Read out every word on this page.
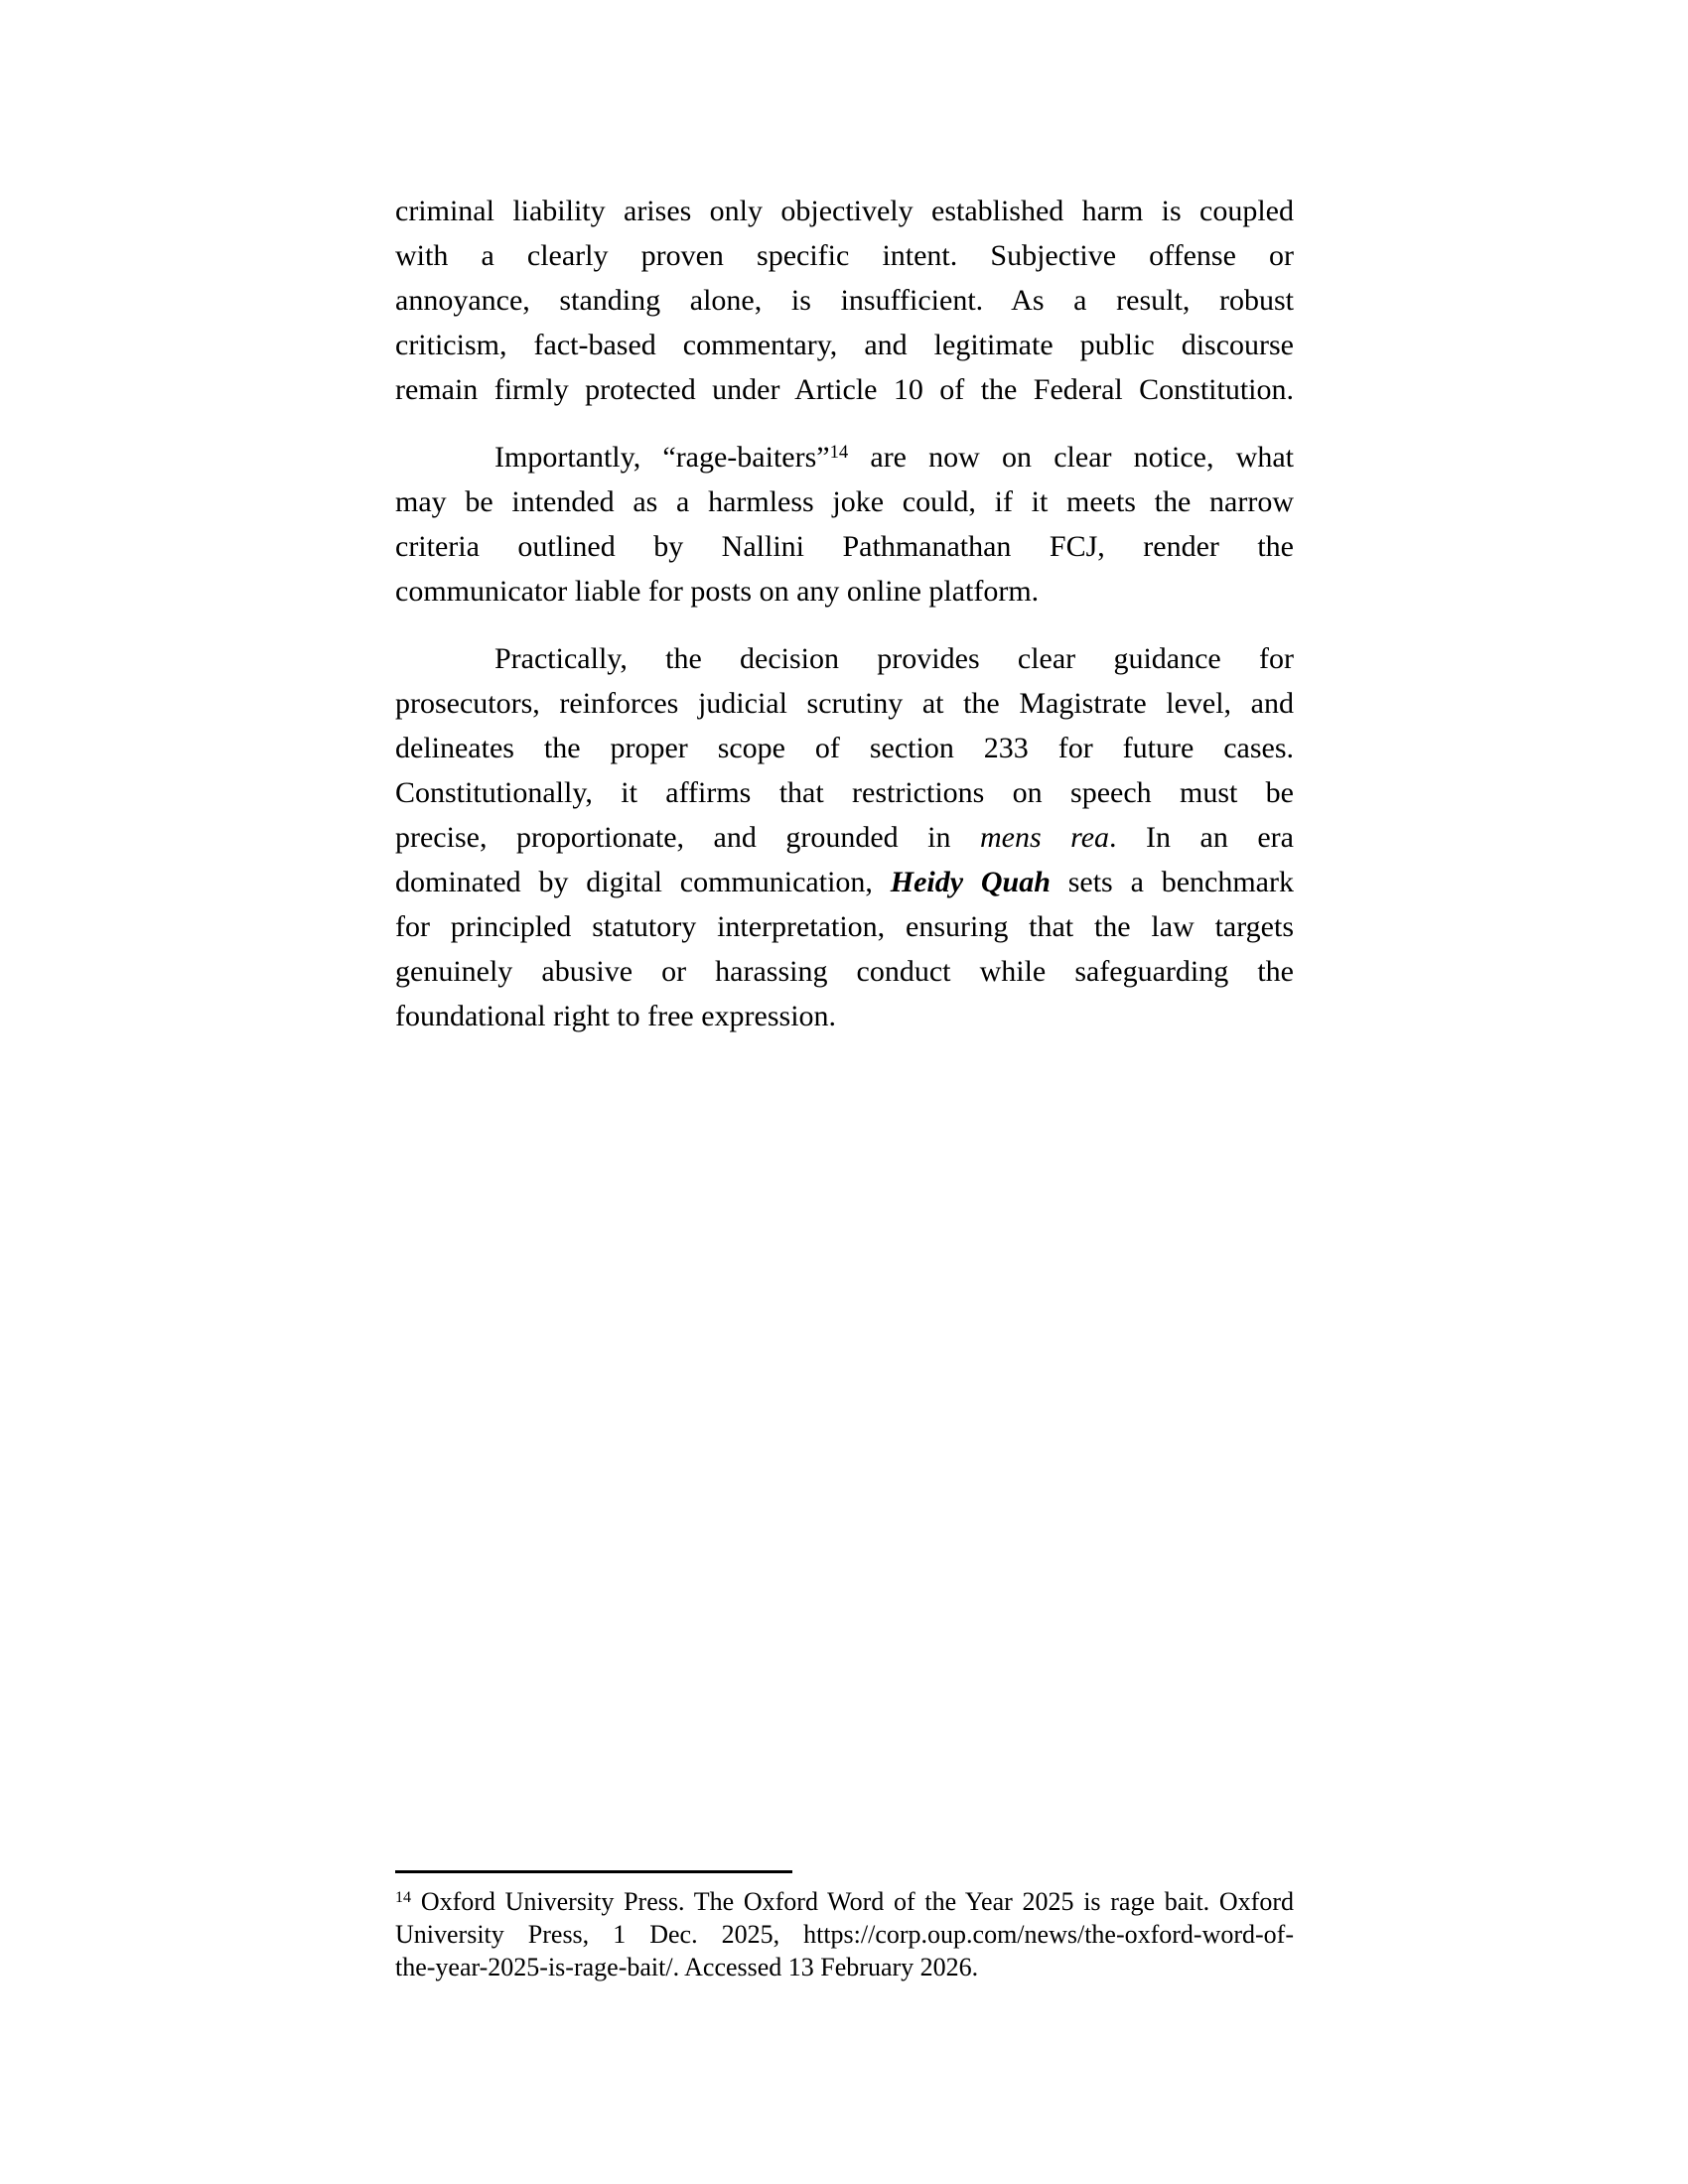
criminal liability arises only objectively established harm is coupled
with a clearly proven specific intent. Subjective offense or
annoyance, standing alone, is insufficient. As a result, robust
criticism, fact-based commentary, and legitimate public discourse
remain firmly protected under Article 10 of the Federal Constitution.
Importantly, “rage-baiters”$^{14}$ are now on clear notice, what
may be intended as a harmless joke could, if it meets the narrow
criteria outlined by Nallini Pathmanathan FCJ, render the
communicator liable for posts on any online platform.
Practically, the decision provides clear guidance for
prosecutors, reinforces judicial scrutiny at the Magistrate level, and
delineates the proper scope of section 233 for future cases.
Constitutionally, it affirms that restrictions on speech must be
precise, proportionate, and grounded in mens rea. In an era
dominated by digital communication, Heidy Quah sets a benchmark
for principled statutory interpretation, ensuring that the law targets
genuinely abusive or harassing conduct while safeguarding the
foundational right to free expression.
$^{14}$ Oxford University Press. The Oxford Word of the Year 2025 is rage bait. Oxford
University Press, 1 Dec. 2025, https://corp.oup.com/news/the-oxford-word-of-
the-year-2025-is-rage-bait/. Accessed 13 February 2026.
